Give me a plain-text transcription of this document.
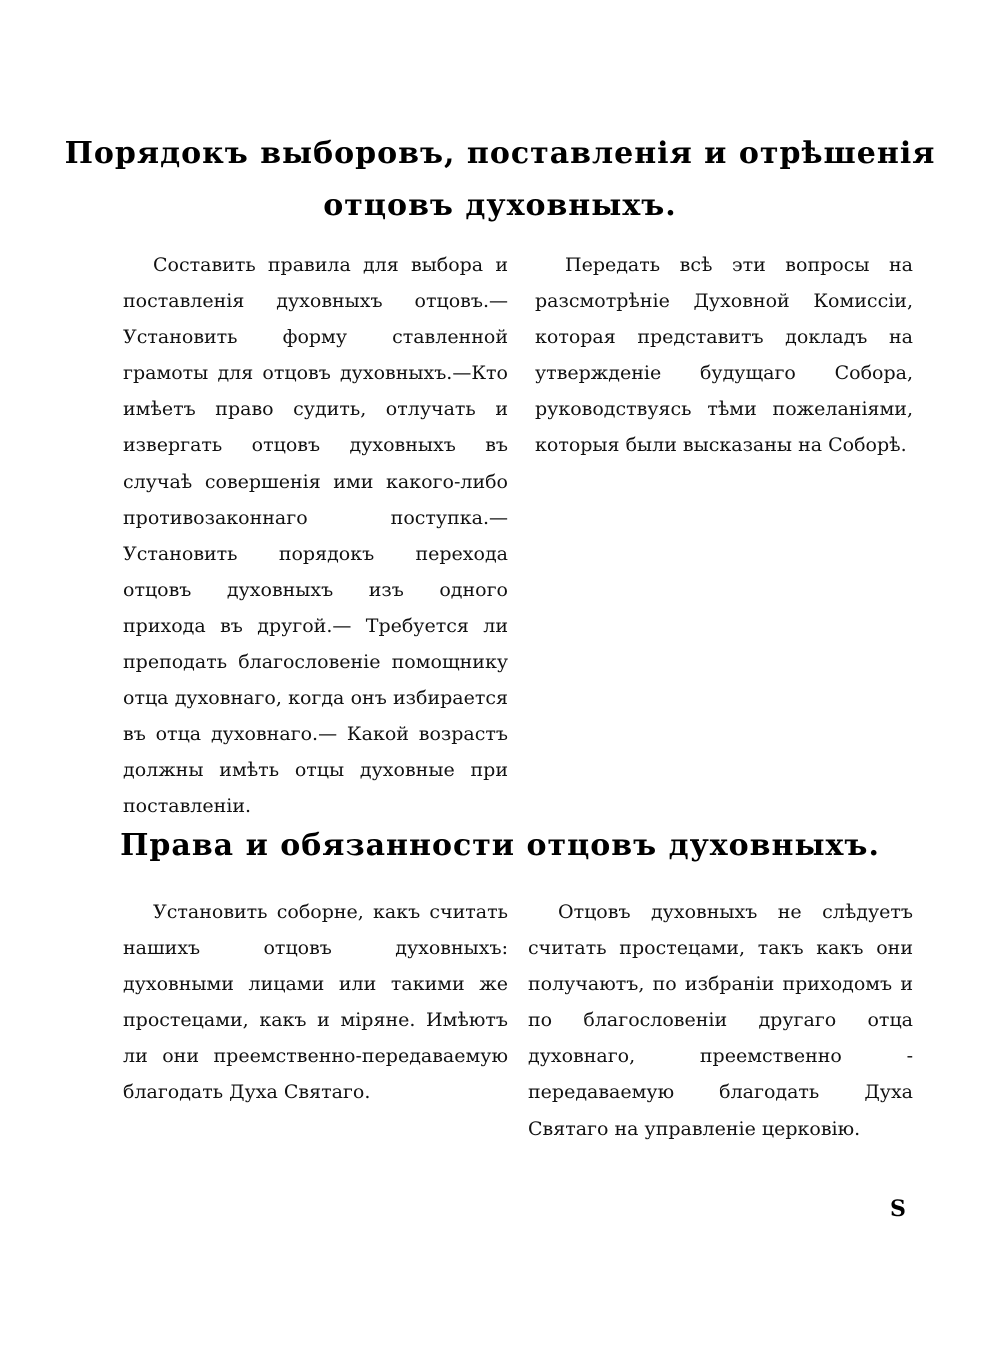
Порядокъ выборовъ, поставленія и отрѣшенія отцовъ духовныхъ.

Составить правила для выбора и поставленія духовныхъ отцовъ.— Установить форму ставленной грамоты для отцовъ духовныхъ.—Кто имѣетъ право судить, отлучать и извергать отцовъ духовныхъ въ случаѣ совершенія ими какого-либо противозаконнаго поступка.—Установить порядокъ перехода отцовъ духовныхъ изъ одного прихода въ другой.— Требуется ли преподать благословеніе помощнику отца духовнаго, когда онъ избирается въ отца духовнаго.— Какой возрастъ должны имѣть отцы духовные при поставленіи.

Передать всѣ эти вопросы на разсмотрѣніе Духовной Комиссіи, которая представитъ докладъ на утвержденіе будущаго Собора, руководствуясь тѣми пожеланіями, которыя были высказаны на Соборѣ.

Права и обязанности отцовъ духовныхъ.

Установить соборне, какъ считать нашихъ отцовъ духовныхъ: духовными лицами или такими же простецами, какъ и міряне. Имѣютъ ли они преемственно-передаваемую благодать Духа Святаго.

Отцовъ духовныхъ не слѣдуетъ считать простецами, такъ какъ они получаютъ, по избраніи приходомъ и по благословеніи другаго отца духовнаго, преемственно - передаваемую благодать Духа Святаго на управленіе церковію.

Ѕ
